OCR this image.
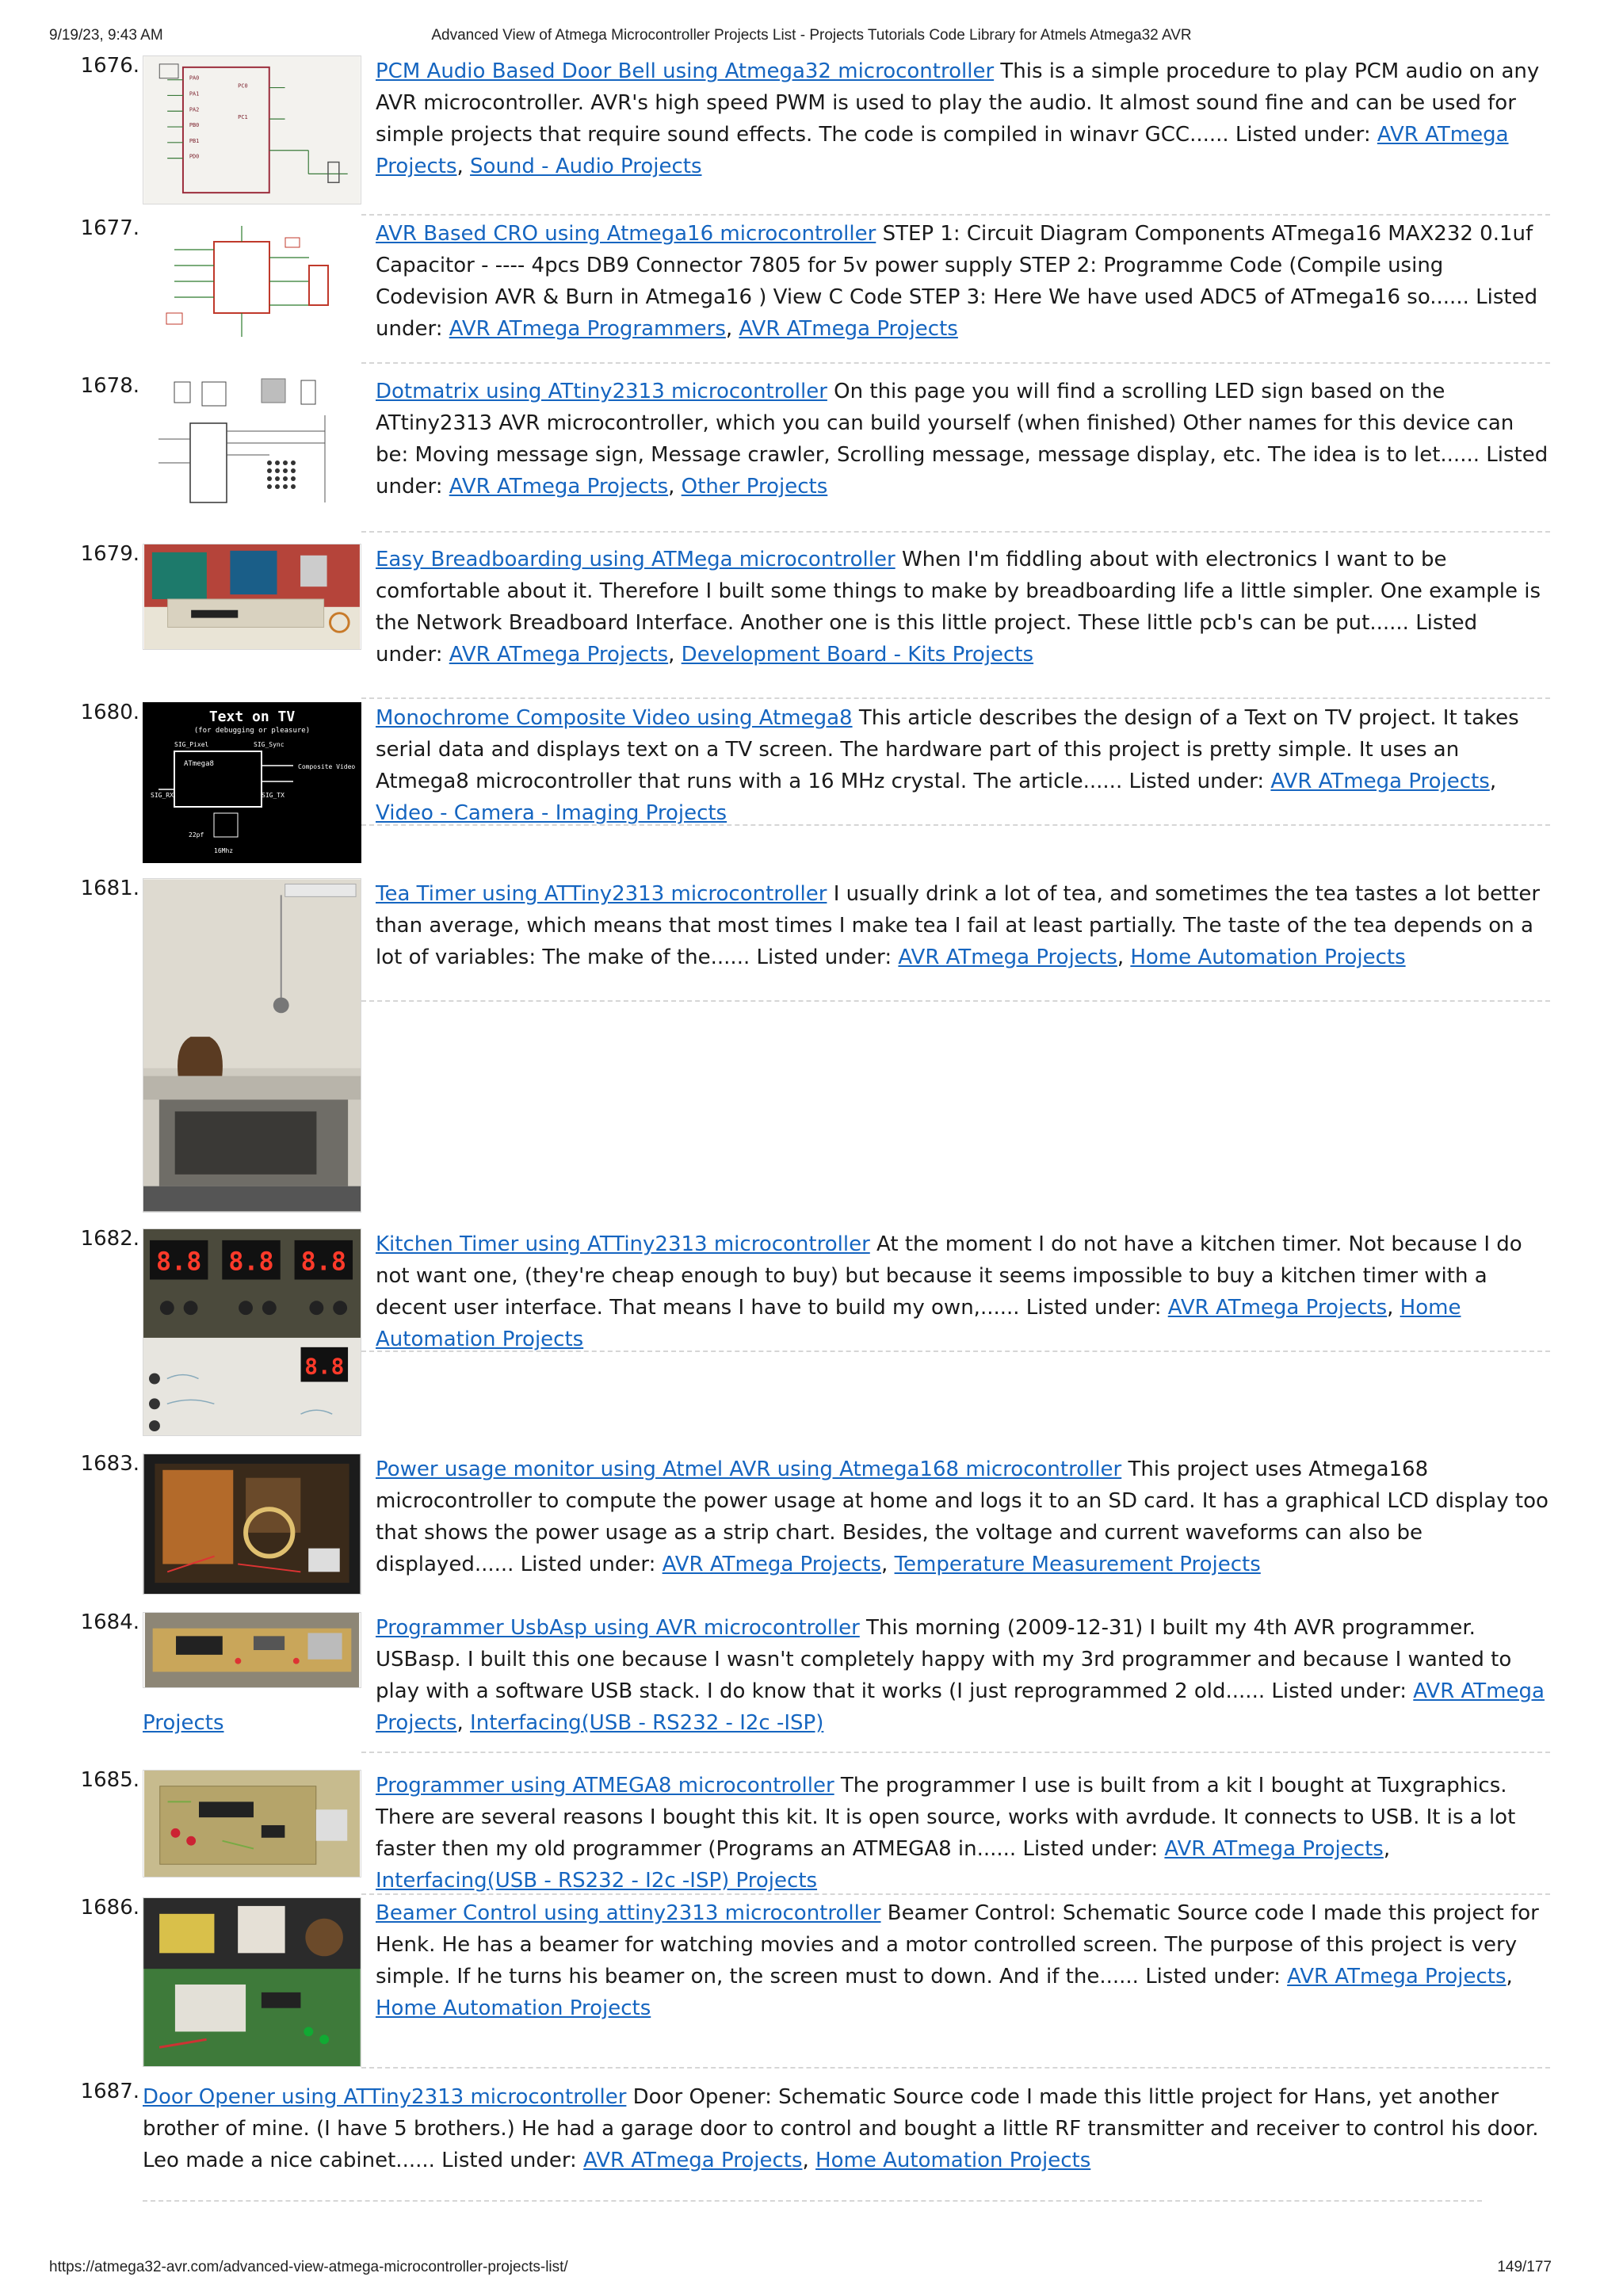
9/19/23, 9:43 AM	Advanced View of Atmega Microcontroller Projects List - Projects Tutorials Code Library for Atmels Atmega32 AVR
https://atmega32-avr.com/advanced-view-atmega-microcontroller-projects-list/	149/177
1676.
PA0
PA1
PA2
PB0
PB1
PD0
PC0
PC1
PCM Audio Based Door Bell using Atmega32 microcontroller This is a simple procedure to play PCM audio on any AVR microcontroller. AVR's high speed PWM is used to play the audio. It almost sound fine and can be used for simple projects that require sound effects. The code is compiled in winavr GCC...... Listed under: AVR ATmega Projects, Sound - Audio Projects
1677.	AVR Based CRO using Atmega16 microcontroller STEP 1: Circuit Diagram Components ATmega16 MAX232 0.1uf Capacitor - ---- 4pcs DB9 Connector 7805 for 5v power supply STEP 2: Programme Code (Compile using Codevision AVR & Burn in Atmega16 ) View C Code STEP 3: Here We have used ADC5 of ATmega16 so...... Listed under: AVR ATmega Programmers, AVR ATmega Projects
1678.	Dotmatrix using ATtiny2313 microcontroller On this page you will find a scrolling LED sign based on the ATtiny2313 AVR microcontroller, which you can build yourself (when finished) Other names for this device can be: Moving message sign, Message crawler, Scrolling message, message display, etc. The idea is to let...... Listed under: AVR ATmega Projects, Other Projects
1679.	Easy Breadboarding using ATMega microcontroller When I'm fiddling about with electronics I want to be comfortable about it. Therefore I built some things to make by breadboarding life a little simpler. One example is the Network Breadboard Interface. Another one is this little project. These little pcb's can be put...... Listed under: AVR ATmega Projects, Development Board - Kits Projects
1680.	Text on TV
(for debugging or pleasure)
ATmega8	Composite Video
SIG_Pixel	SIG_Sync
SIG_RX	SIG_TX
22pf
16Mhz
Monochrome Composite Video using Atmega8 This article describes the design of a Text on TV project. It takes serial data and displays text on a TV screen. The hardware part of this project is pretty simple. It uses an Atmega8 microcontroller that runs with a 16 MHz crystal. The article...... Listed under: AVR ATmega Projects, Video - Camera - Imaging Projects
1681.	Tea Timer using ATTiny2313 microcontroller I usually drink a lot of tea, and sometimes the tea tastes a lot better than average, which means that most times I make tea I fail at least partially. The taste of the tea depends on a lot of variables: The make of the...... Listed under: AVR ATmega Projects, Home Automation Projects
1682.
8.8 8.8 8.8
8.8
Kitchen Timer using ATTiny2313 microcontroller At the moment I do not have a kitchen timer. Not because I do not want one, (they're cheap enough to buy) but because it seems impossible to buy a kitchen timer with a decent user interface. That means I have to build my own,...... Listed under: AVR ATmega Projects, Home Automation Projects
1683.	Power usage monitor using Atmel AVR using Atmega168 microcontroller This project uses Atmega168 microcontroller to compute the power usage at home and logs it to an SD card. It has a graphical LCD display too that shows the power usage as a strip chart. Besides, the voltage and current waveforms can also be displayed...... Listed under: AVR ATmega Projects, Temperature Measurement Projects
1684.	Programmer UsbAsp using AVR microcontroller This morning (2009-12-31) I built my 4th AVR programmer. USBasp. I built this one because I wasn't completely happy with my 3rd programmer and because I wanted to play with a software USB stack. I do know that it works (I just reprogrammed 2 old...... Listed under: AVR ATmega Projects, Interfacing(USB - RS232 - I2c -ISP)
Projects
1685.	Programmer using ATMEGA8 microcontroller The programmer I use is built from a kit I bought at Tuxgraphics. There are several reasons I bought this kit. It is open source, works with avrdude. It connects to USB. It is a lot faster then my old programmer (Programs an ATMEGA8 in...... Listed under: AVR ATmega Projects, Interfacing(USB - RS232 - I2c -ISP) Projects
1686.	Beamer Control using attiny2313 microcontroller Beamer Control: Schematic Source code I made this project for Henk. He has a beamer for watching movies and a motor controlled screen. The purpose of this project is very simple. If he turns his beamer on, the screen must to down. And if the...... Listed under: AVR ATmega Projects, Home Automation Projects
1687. Door Opener using ATTiny2313 microcontroller Door Opener: Schematic Source code I made this little project for Hans, yet another brother of mine. (I have 5 brothers.) He had a garage door to control and bought a little RF transmitter and receiver to control his door. Leo made a nice cabinet...... Listed under: AVR ATmega Projects, Home Automation Projects
